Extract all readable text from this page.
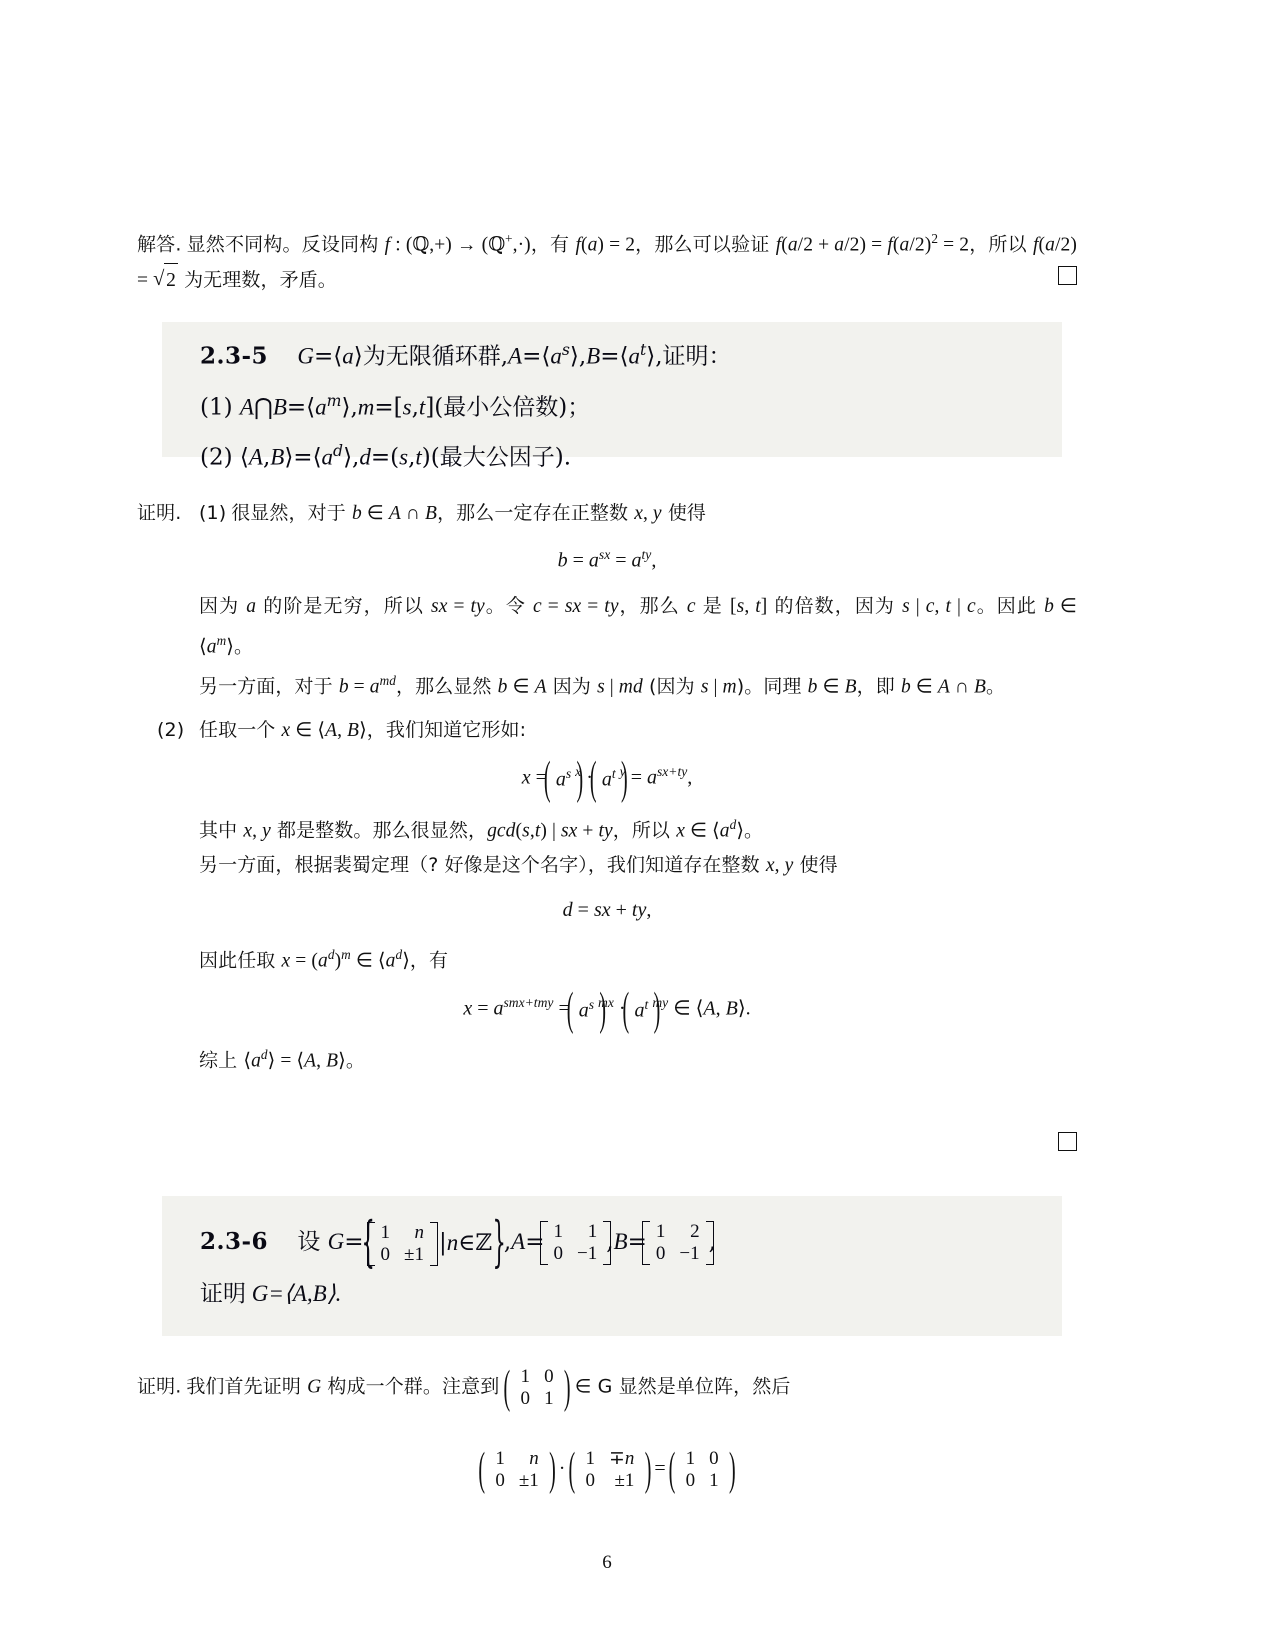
解答. 显然不同构。反设同构 f : (ℚ,+) → (ℚ+,·)，有 f(a) = 2，那么可以验证 $f(a/2 + a/2) = f(a/2)^2 = 2$，所以 f(a/2) = √ 2 为无理数，矛盾。
2.3-5 G=⟨a⟩为无限循环群$,A=⟨a^s⟩,B=⟨a^t⟩$,证明：
(1) $A⋂B=⟨a^m⟩,m=[s,t]$(最小公倍数)；
(2) $⟨A,B⟩=⟨a^d⟩,d=(s,t)$(最大公因子).
证明. (1) 很显然，对于 b ∈ A ∩ B，那么一定存在正整数 x, y 使得
$b = a^{sx} = a^{ty}$,
因为 a 的阶是无穷，所以 sx = ty。令 c = sx = ty，那么 c 是 [s, t] 的倍数，因为 s | c, t | c。因此 b ∈ $⟨a^m⟩$。
另一方面，对于 $b = a^{md}$，那么显然 b ∈ A 因为 s | md (因为 s | m)。同理 b ∈ B，即 b ∈ A ∩ B。
(2) 任取一个 x ∈ ⟨A, B⟩，我们知道它形如:
x = ( $a^s$ ) $^x$ · ( $a^t$ ) $^y = a^{sx+ty}$,
其中 x, y 都是整数。那么很显然，gcd(s,t) | sx + ty，所以 x ∈ $⟨a^d⟩$。
另一方面，根据裴蜀定理（? 好像是这个名字），我们知道存在整数 x, y 使得
d = sx + ty,
因此任取 $x = (a^d)^m$ ∈ $⟨a^d⟩$，有
$x = a^{smx+tmy}$ = ( $a^s$ ) $^{mx}$ · ( $a^t$ ) $^{my}$ ∈ ⟨A, B⟩.
综上 $⟨a^d⟩$ = ⟨A, B⟩。
2.3-6 设 G= { 1	n
0 ±1 |n∈ℤ } ,A= 1	1
0 −1 ,B= 1	2
0 −1 ,
证明 G=⟨A,B⟩.
证明. 我们首先证明 G 构成一个群。注意到 ( 1 0
0 1
) ∈ G 显然是单位阵，然后
( 1	n
0 ±1
) · ( 1 ∓n
0 ±1
) = ( 1 0
0 1
)
6
